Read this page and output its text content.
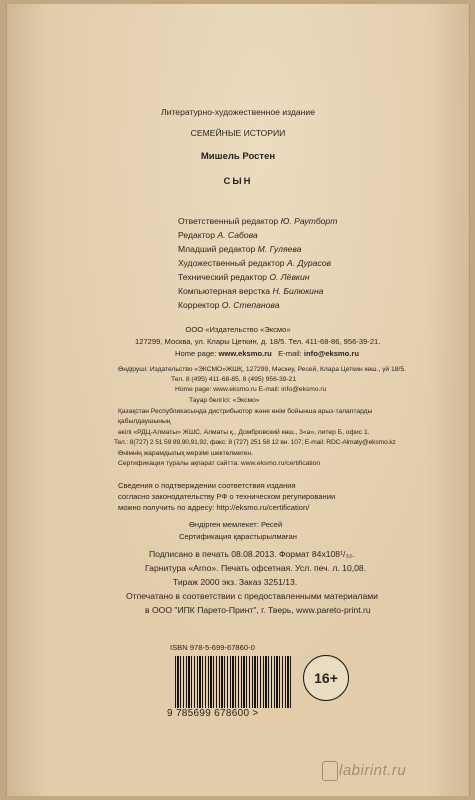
Литературно-художественное издание
СЕМЕЙНЫЕ ИСТОРИИ
Мишель Ростен
СЫН
Ответственный редактор Ю. Раутборт
Редактор А. Сабова
Младший редактор М. Гуляева
Художественный редактор А. Дурасов
Технический редактор О. Лёвкин
Компьютерная верстка Н. Билюкина
Корректор О. Степанова
ООО «Издательство «Эксмо»
127299, Москва, ул. Клары Цеткин, д. 18/5. Тел. 411-68-86, 956-39-21.
Home page: www.eksmo.ru E-mail: info@eksmo.ru
Өндіруші: Издательство «ЭКСМО»ЖШҚ, 127299, Мәскеу, Ресей, Клара Цеткин көш., үй 18/5.
Тел. 8 (495) 411-68-85, 8 (495) 956-39-21
Home page: www.eksmo.ru E-mail: info@eksmo.ru
Тауар белгісі: «Эксмо»
Қазақстан Республикасында дистрибьютор және өнім бойынша арыз-талаптарды
қабылдаушының
өкілі «РДЦ-Алматы» ЖШС, Алматы қ., Домбровский көш., 3«а», литер Б, офис 1.
Тел.: 8(727) 2 51 59 89,90,91,92, факс: 8 (727) 251 58 12 вн. 107; E-mail: RDC-Almaty@eksmo.kz
Өнімнің жарамдылық мерзімі шектелмеген.
Сертификация туралы ақпарат сайтта: www.eksmo.ru/certification
Сведения о подтверждении соответствия издания
согласно законодательству РФ о техническом регулировании
можно получить по адресу: http://eksmo.ru/certification/
Өндірген мемлекет: Ресей
Сертификация қарастырылмаған
Подписано в печать 08.08.2013. Формат 84x108¹/₃₂.
Гарнитура «Arno». Печать офсетная. Усл. печ. л. 10,08.
Тираж 2000 экз. Заказ 3251/13.
Отпечатано в соответствии с предоставленными материалами
в ООО "ИПК Парето-Принт", г. Тверь, www.pareto-print.ru
ISBN 978-5-699-67860-0
9 785699 678600 >
16+
labirint.ru
